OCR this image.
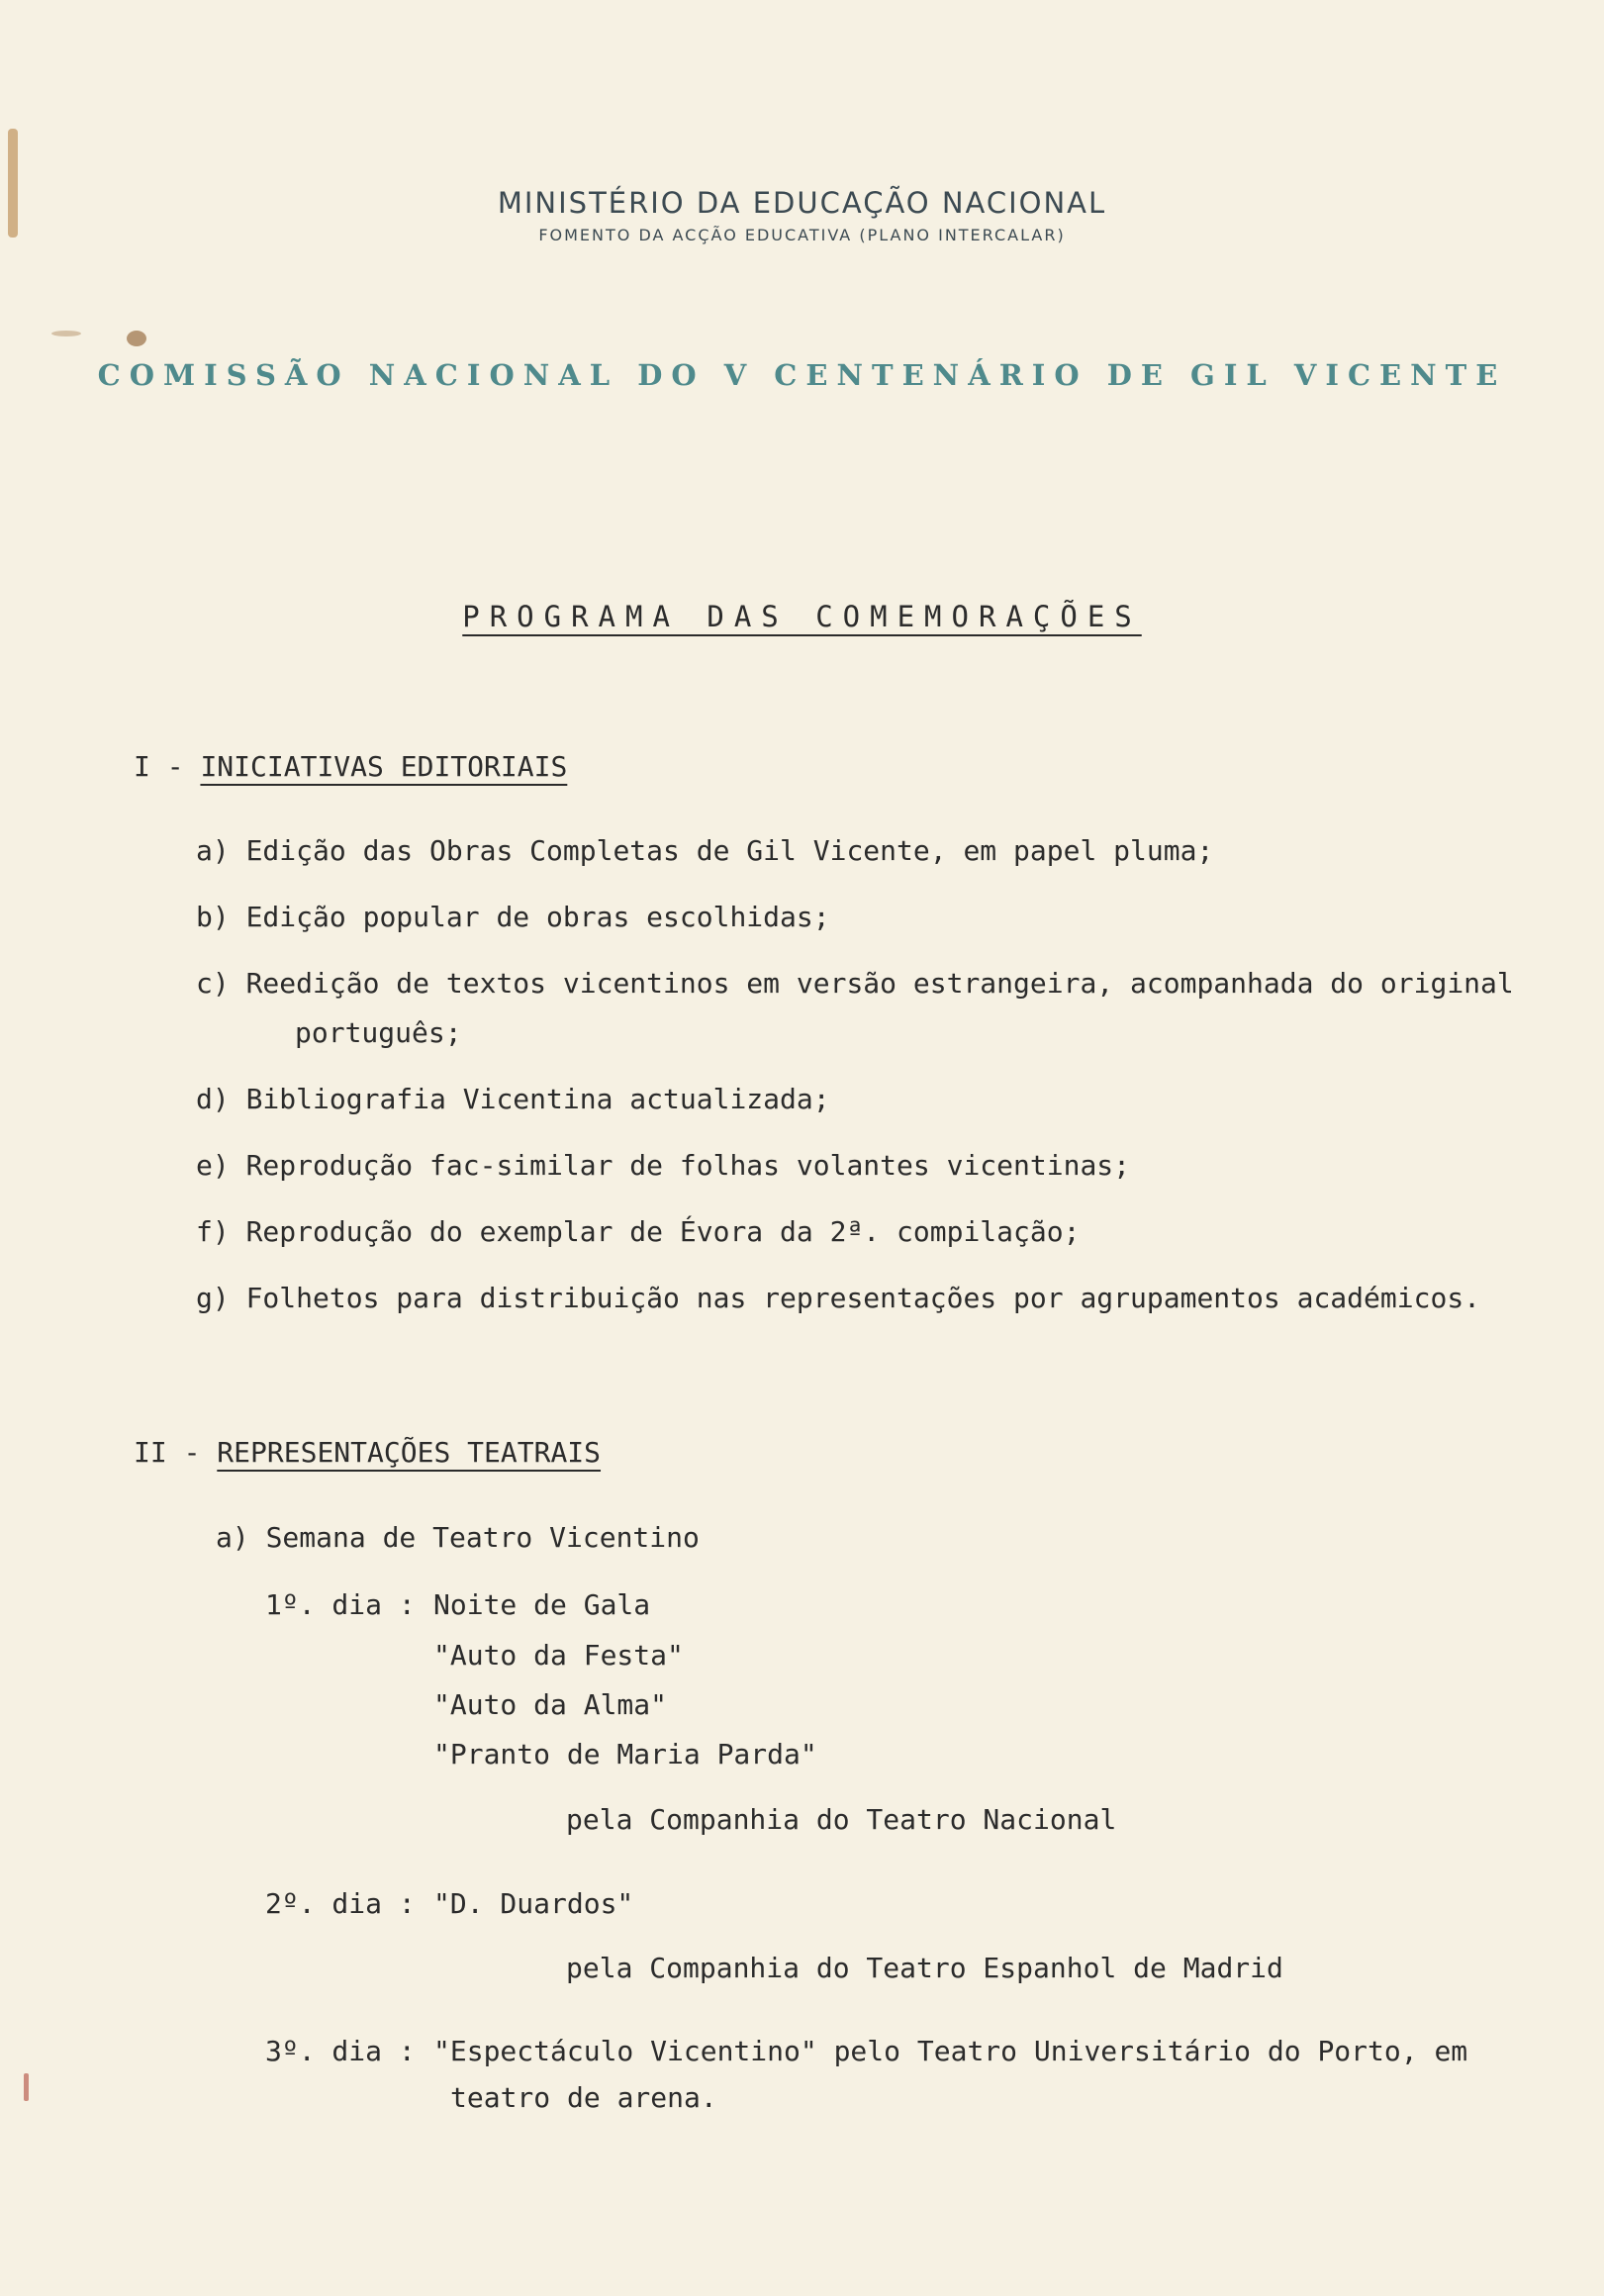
MINISTÉRIO DA EDUCAÇÃO NACIONAL
FOMENTO DA ACÇÃO EDUCATIVA (PLANO INTERCALAR)
COMISSÃO NACIONAL DO V CENTENÁRIO DE GIL VICENTE
PROGRAMA DAS COMEMORAÇÕES
I - INICIATIVAS EDITORIAIS
a) Edição das Obras Completas de Gil Vicente, em papel pluma;
b) Edição popular de obras escolhidas;
c) Reedição de textos vicentinos em versão estrangeira, acompanhada do original
português;
d) Bibliografia Vicentina actualizada;
e) Reprodução fac-similar de folhas volantes vicentinas;
f) Reprodução do exemplar de Évora da 2ª. compilação;
g) Folhetos para distribuição nas representações por agrupamentos académicos.
II - REPRESENTAÇÕES TEATRAIS
a) Semana de Teatro Vicentino
1º. dia : Noite de Gala
"Auto da Festa"
"Auto da Alma"
"Pranto de Maria Parda"
pela Companhia do Teatro Nacional
2º. dia : "D. Duardos"
pela Companhia do Teatro Espanhol de Madrid
3º. dia : "Espectáculo Vicentino" pelo Teatro Universitário do Porto, em
teatro de arena.
